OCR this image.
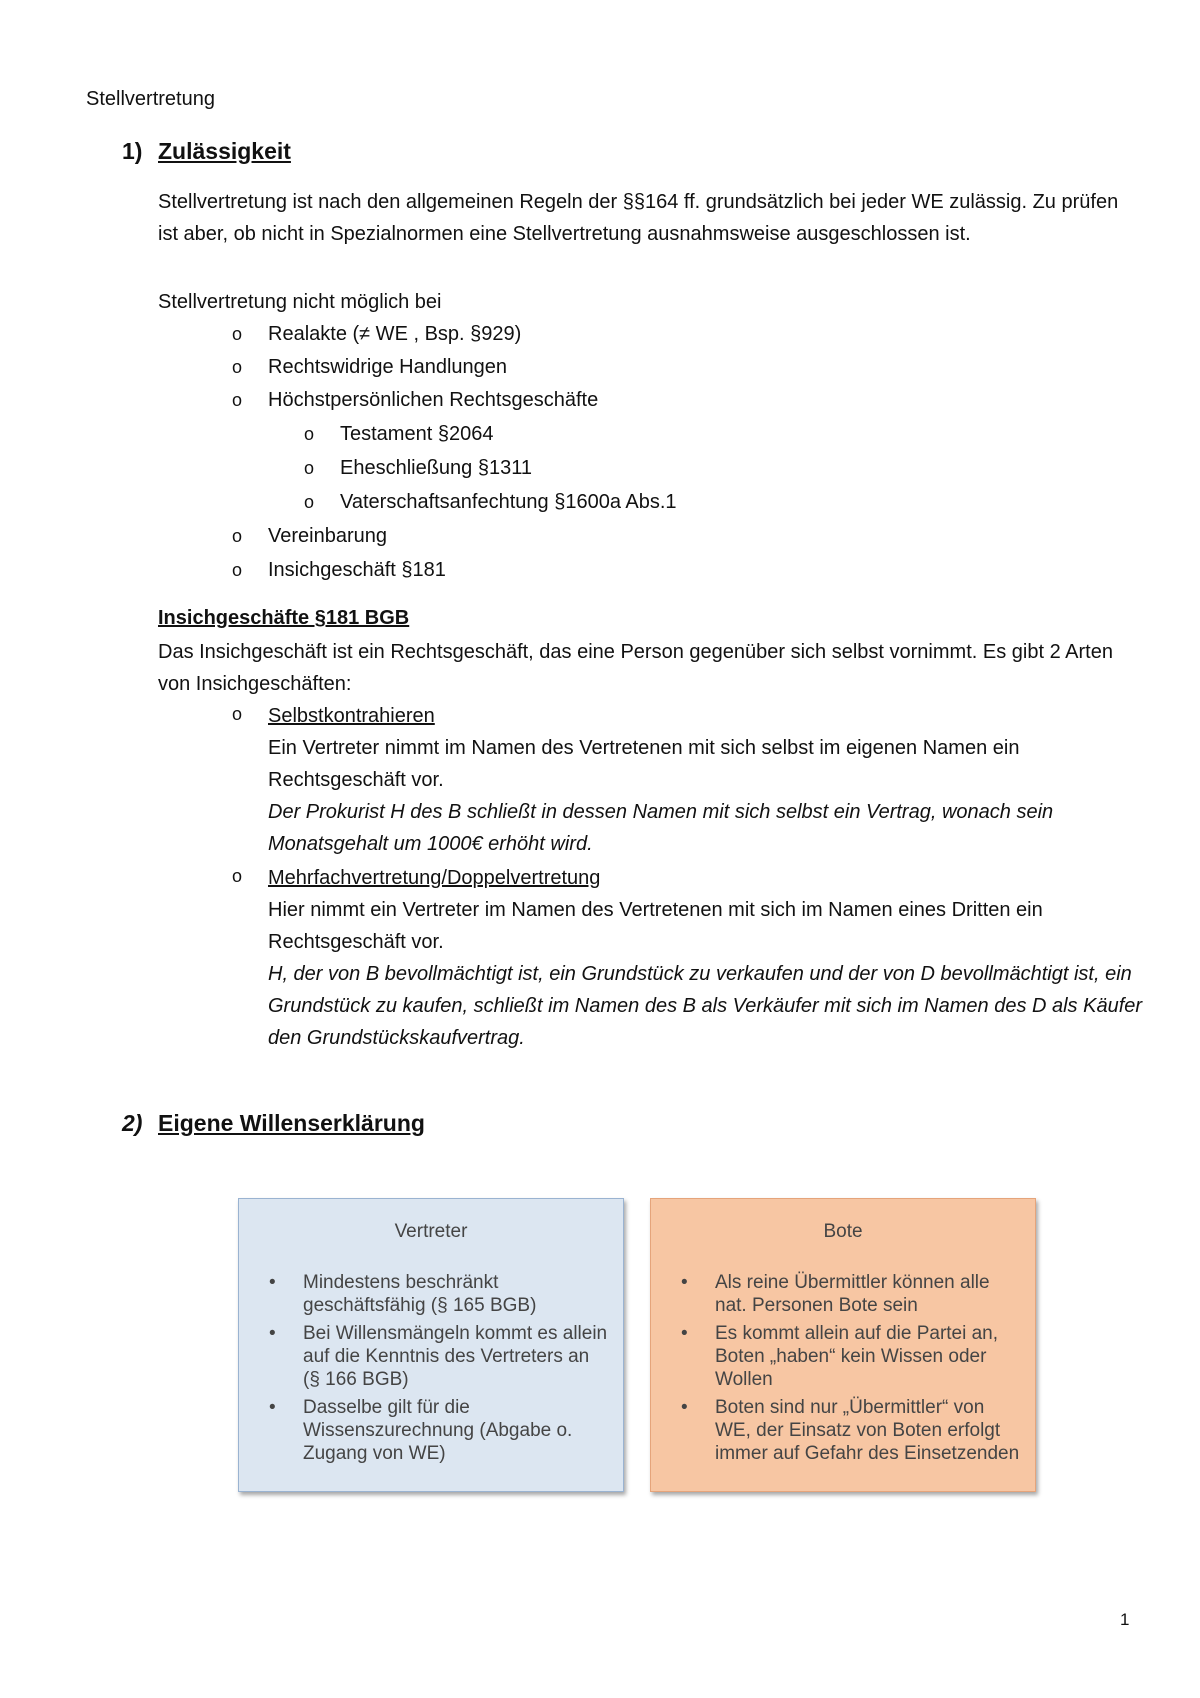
Stellvertretung
1) Zulässigkeit
Stellvertretung ist nach den allgemeinen Regeln der §§164 ff. grundsätzlich bei jeder WE zulässig. Zu prüfen ist aber, ob nicht in Spezialnormen eine Stellvertretung ausnahmsweise ausgeschlossen ist.
Stellvertretung nicht möglich bei
o Realakte (≠ WE , Bsp. §929)
o Rechtswidrige Handlungen
o Höchstpersönlichen Rechtsgeschäfte
o Testament §2064
o Eheschließung §1311
o Vaterschaftsanfechtung §1600a Abs.1
o Vereinbarung
o Insichgeschäft §181
Insichgeschäfte §181 BGB
Das Insichgeschäft ist ein Rechtsgeschäft, das eine Person gegenüber sich selbst vornimmt. Es gibt 2 Arten von Insichgeschäften:
o Selbstkontrahieren
Ein Vertreter nimmt im Namen des Vertretenen mit sich selbst im eigenen Namen ein Rechtsgeschäft vor.
Der Prokurist H des B schließt in dessen Namen mit sich selbst ein Vertrag, wonach sein Monatsgehalt um 1000€ erhöht wird.
o Mehrfachvertretung/Doppelvertretung
Hier nimmt ein Vertreter im Namen des Vertretenen mit sich im Namen eines Dritten ein Rechtsgeschäft vor.
H, der von B bevollmächtigt ist, ein Grundstück zu verkaufen und der von D bevollmächtigt ist, ein Grundstück zu kaufen, schließt im Namen des B als Verkäufer mit sich im Namen des D als Käufer den Grundstückskaufvertrag.
2) Eigene Willenserklärung
Vertreter
• Mindestens beschränkt geschäftsfähig (§ 165 BGB)
• Bei Willensmängeln kommt es allein auf die Kenntnis des Vertreters an (§ 166 BGB)
• Dasselbe gilt für die Wissenszurechnung (Abgabe o. Zugang von WE)
Bote
• Als reine Übermittler können alle nat. Personen Bote sein
• Es kommt allein auf die Partei an, Boten „haben“ kein Wissen oder Wollen
• Boten sind nur „Übermittler“ von WE, der Einsatz von Boten erfolgt immer auf Gefahr des Einsetzenden
1
